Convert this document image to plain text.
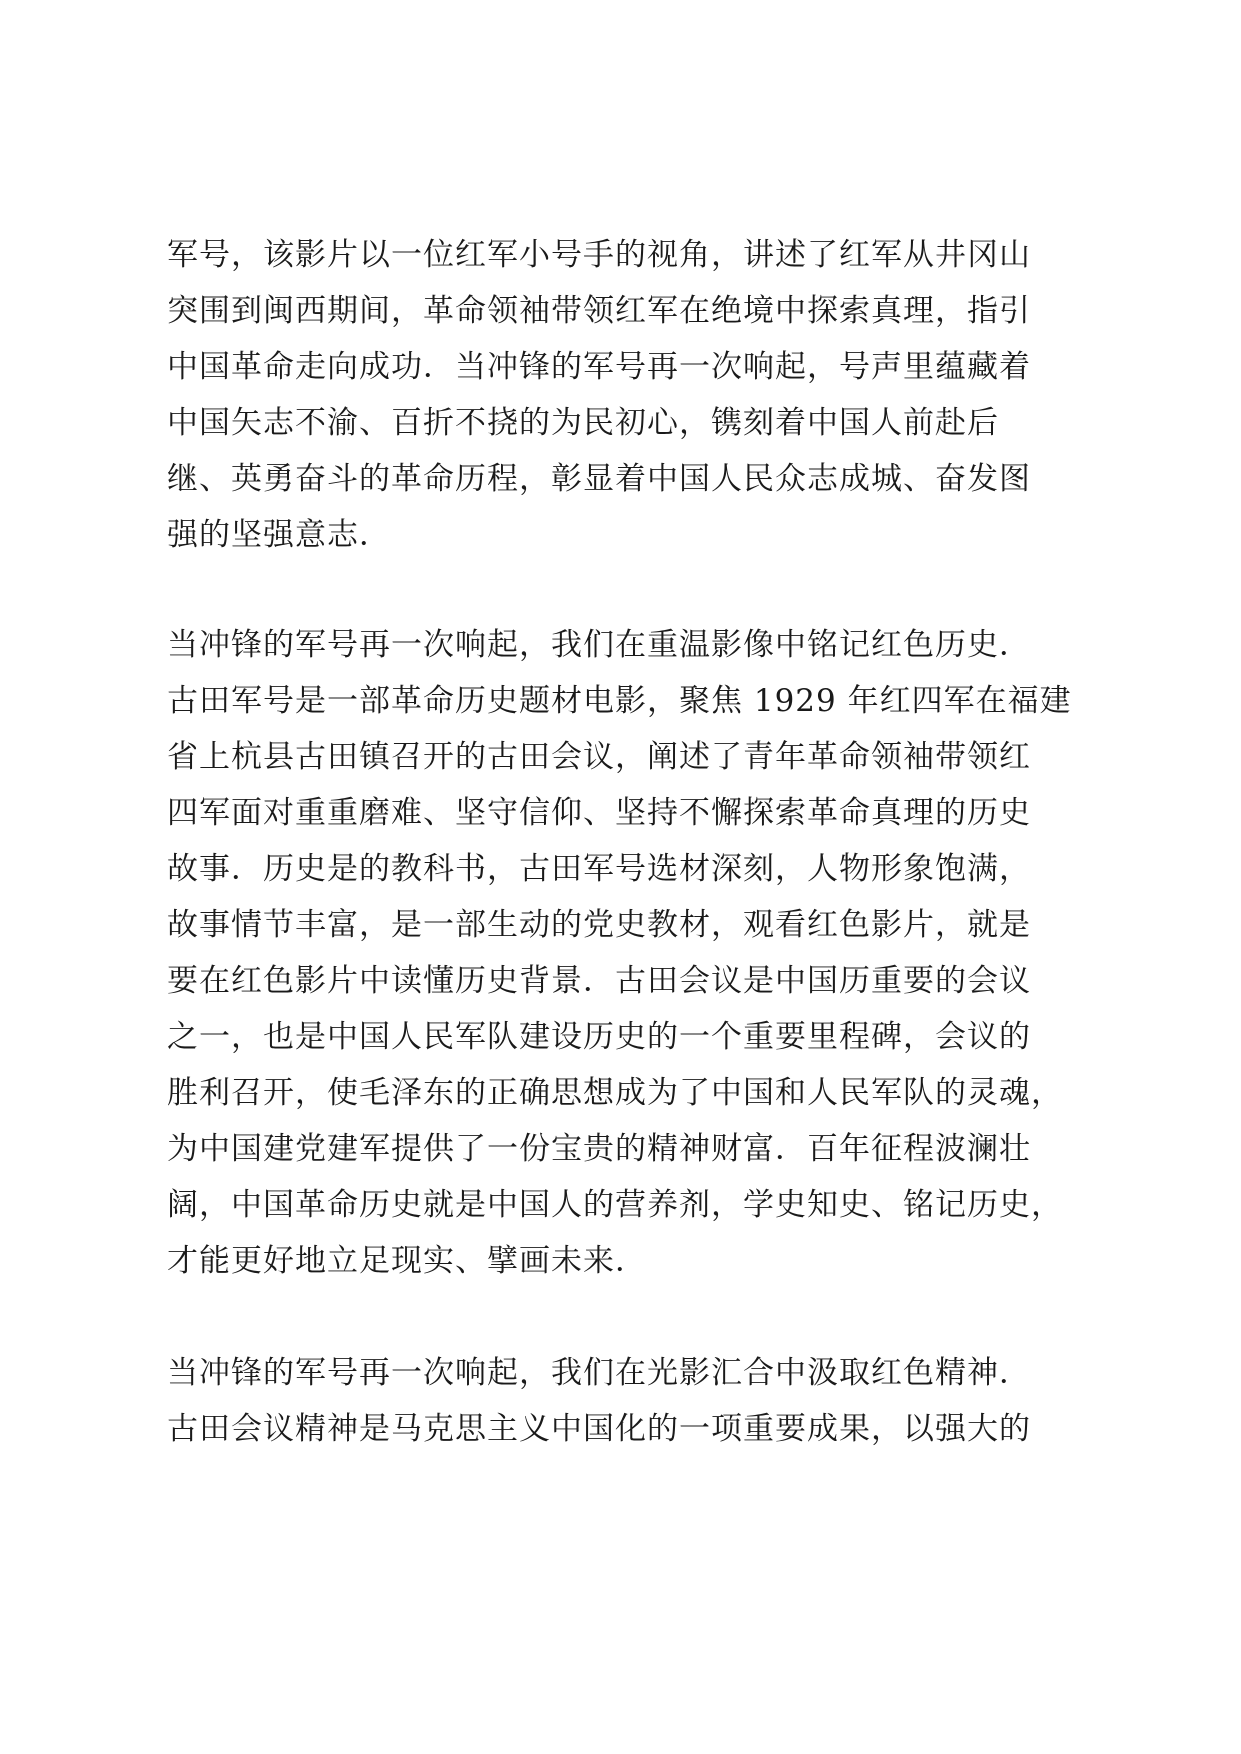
军号，该影片以一位红军小号手的视角，讲述了红军从井冈山
突围到闽西期间，革命领袖带领红军在绝境中探索真理，指引
中国革命走向成功．当冲锋的军号再一次响起，号声里蕴藏着
中国矢志不渝、百折不挠的为民初心，镌刻着中国人前赴后
继、英勇奋斗的革命历程，彰显着中国人民众志成城、奋发图
强的坚强意志．
当冲锋的军号再一次响起，我们在重温影像中铭记红色历史．
古田军号是一部革命历史题材电影，聚焦 1929 年红四军在福建
省上杭县古田镇召开的古田会议，阐述了青年革命领袖带领红
四军面对重重磨难、坚守信仰、坚持不懈探索革命真理的历史
故事．历史是的教科书，古田军号选材深刻，人物形象饱满，
故事情节丰富，是一部生动的党史教材，观看红色影片，就是
要在红色影片中读懂历史背景．古田会议是中国历重要的会议
之一，也是中国人民军队建设历史的一个重要里程碑，会议的
胜利召开，使毛泽东的正确思想成为了中国和人民军队的灵魂，
为中国建党建军提供了一份宝贵的精神财富．百年征程波澜壮
阔，中国革命历史就是中国人的营养剂，学史知史、铭记历史，
才能更好地立足现实、擘画未来．
当冲锋的军号再一次响起，我们在光影汇合中汲取红色精神．
古田会议精神是马克思主义中国化的一项重要成果，以强大的
